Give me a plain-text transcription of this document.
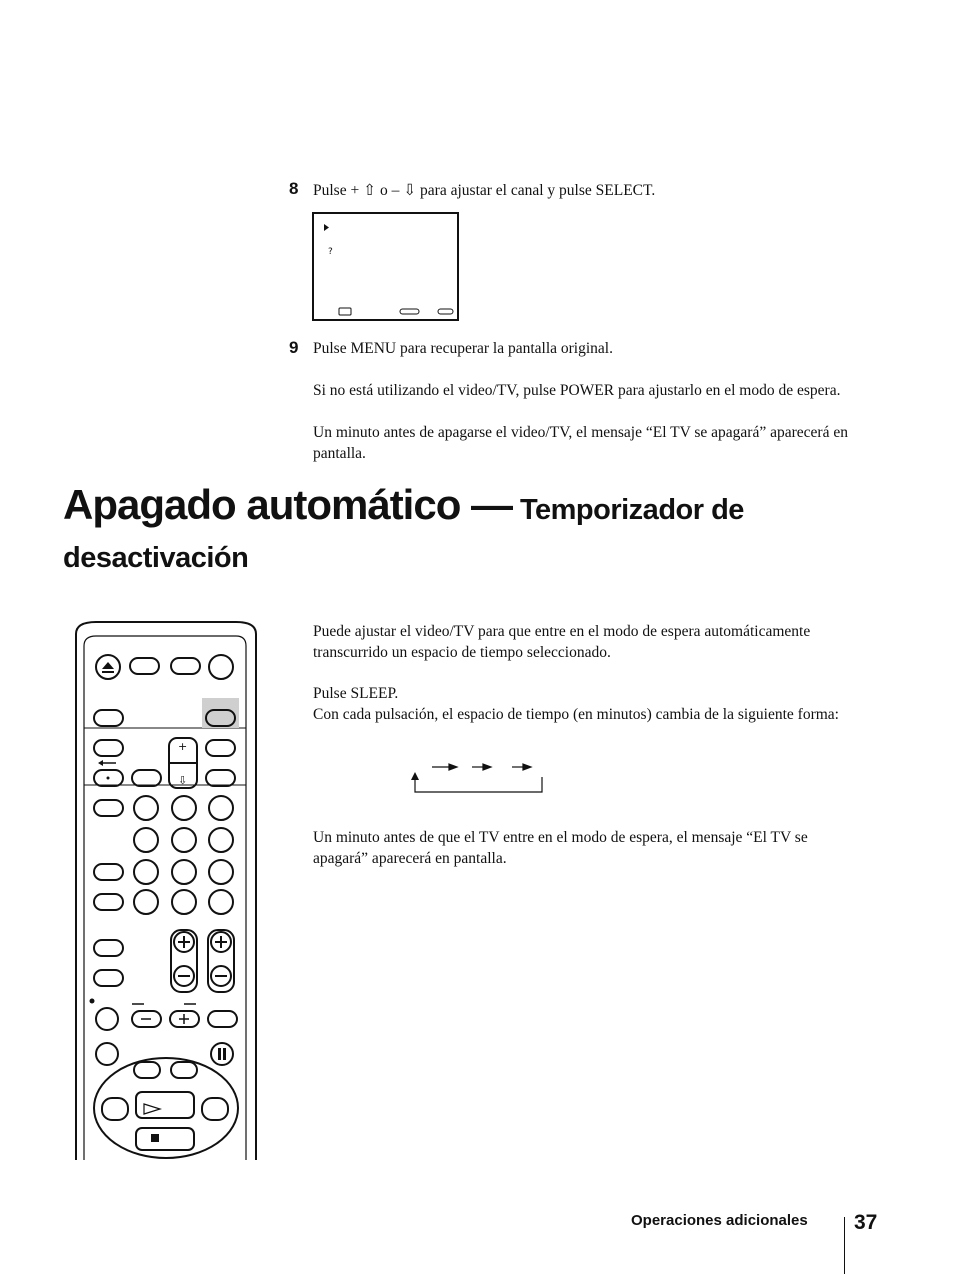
8 Pulse + ⇧ o – ⇩ para ajustar el canal y pulse SELECT.
?
9 Pulse MENU para recuperar la pantalla original.
Si no está utilizando el video/TV, pulse POWER para ajustarlo en el modo de espera.
Un minuto antes de apagarse el video/TV, el mensaje “El TV se apagará” aparecerá en pantalla.
Apagado automático — Temporizador de desactivación
+
⇩
Puede ajustar el video/TV para que entre en el modo de espera automáticamente transcurrido un espacio de tiempo seleccionado.
Pulse SLEEP.
Con cada pulsación, el espacio de tiempo (en minutos) cambia de la siguiente forma:
Un minuto antes de que el TV entre en el modo de espera, el mensaje “El TV se apagará” aparecerá en pantalla.
Operaciones adicionales 37
